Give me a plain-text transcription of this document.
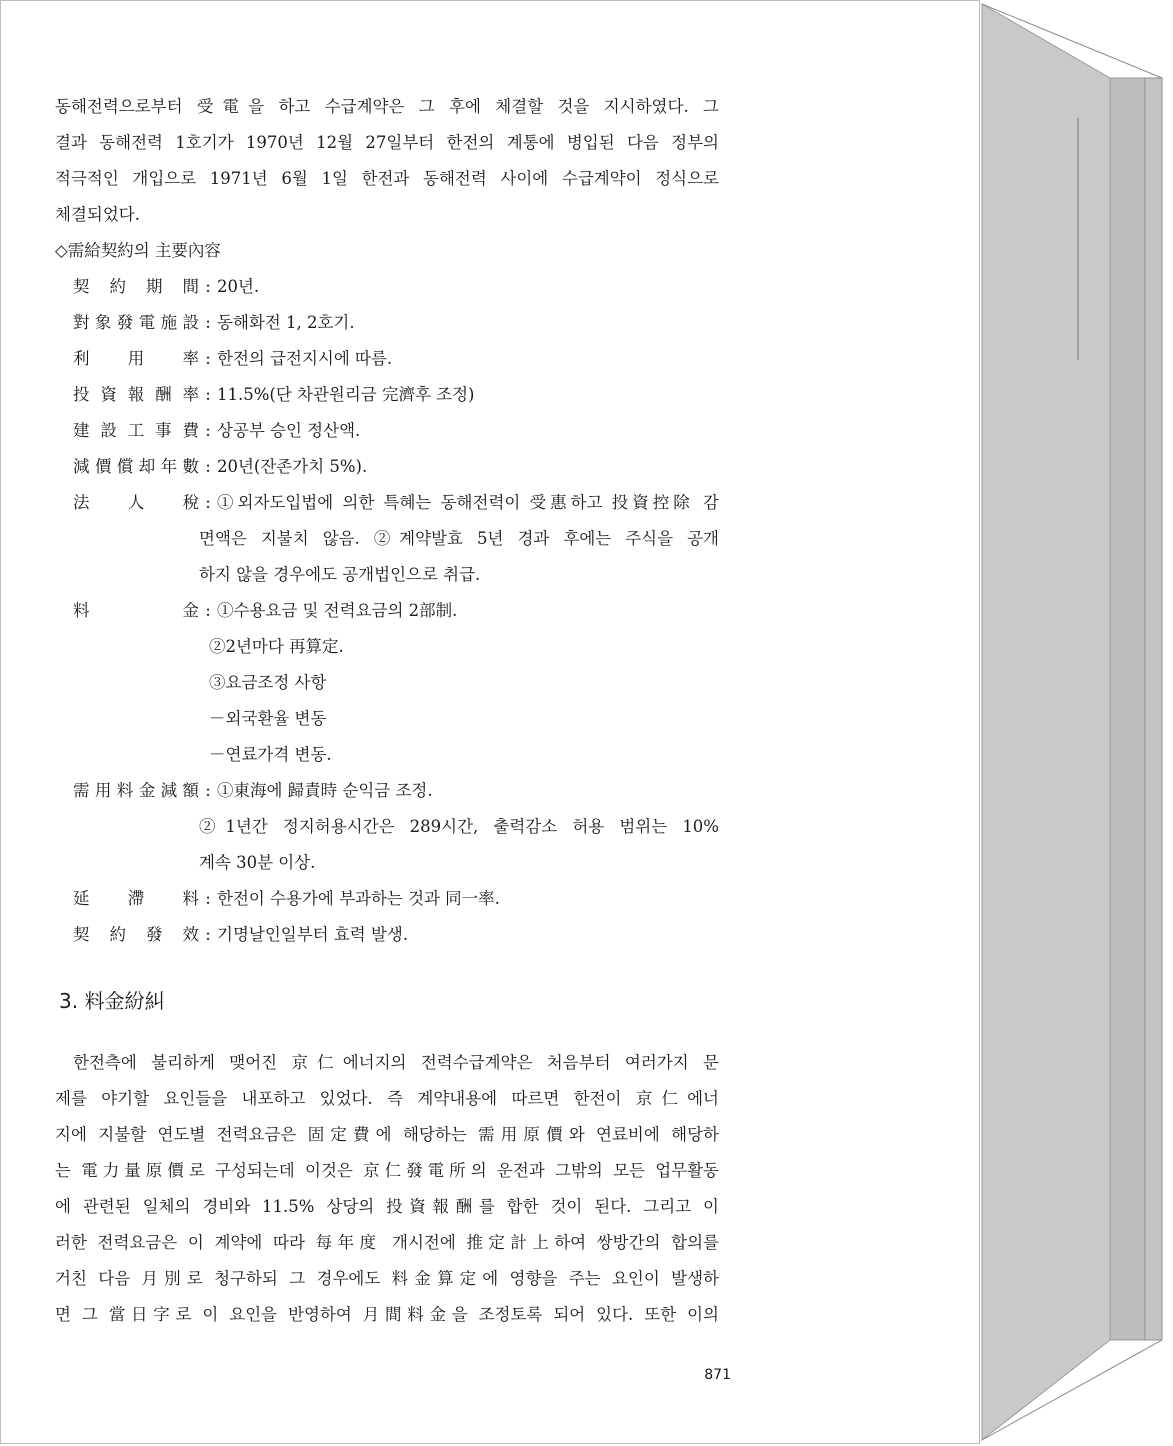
동해전력으로부터 受電을 하고 수급계약은 그 후에 체결할 것을 지시하였다. 그
결과 동해전력 1호기가 1970년 12월 27일부터 한전의 계통에 병입된 다음 정부의
적극적인 개입으로 1971년 6월 1일 한전과 동해전력 사이에 수급계약이 정식으로
체결되었다.
◇需給契約의 主要內容
契約期間 : 20년.
對象發電施設 : 동해화전 1, 2호기.
利用率 : 한전의 급전지시에 따름.
投資報酬率 : 11.5%(단 차관원리금 完濟후 조정)
建設工事費 : 상공부 승인 정산액.
減價償却年數 : 20년(잔존가치 5%).
法人稅 : ①외자도입법에 의한 특혜는 동해전력이 受惠하고 投資控除 감
면액은 지불치 않음. ②계약발효 5년 경과 후에는 주식을 공개
하지 않을 경우에도 공개법인으로 취급.
料金 : ①수용요금 및 전력요금의 2部制.
②2년마다 再算定.
③요금조정 사항
－외국환율 변동
－연료가격 변동.
需用料金減額 : ①東海에 歸責時 순익금 조정.
②1년간 정지허용시간은 289시간, 출력감소 허용 범위는 10%
계속 30분 이상.
延滯料 : 한전이 수용가에 부과하는 것과 同一率.
契約發效 : 기명날인일부터 효력 발생.
3. 料金紛糾
한전측에 불리하게 맺어진 京仁에너지의 전력수급계약은 처음부터 여러가지 문
제를 야기할 요인들을 내포하고 있었다. 즉 계약내용에 따르면 한전이 京仁에너
지에 지불할 연도별 전력요금은 固定費에 해당하는 需用原價와 연료비에 해당하
는 電力量原價로 구성되는데 이것은 京仁發電所의 운전과 그밖의 모든 업무활동
에 관련된 일체의 경비와 11.5% 상당의 投資報酬를 합한 것이 된다. 그리고 이
러한 전력요금은 이 계약에 따라 每年度 개시전에 推定計上하여 쌍방간의 합의를
거친 다음 月別로 청구하되 그 경우에도 料金算定에 영향을 주는 요인이 발생하
면 그 當日字로 이 요인을 반영하여 月間料金을 조정토록 되어 있다. 또한 이의
871
